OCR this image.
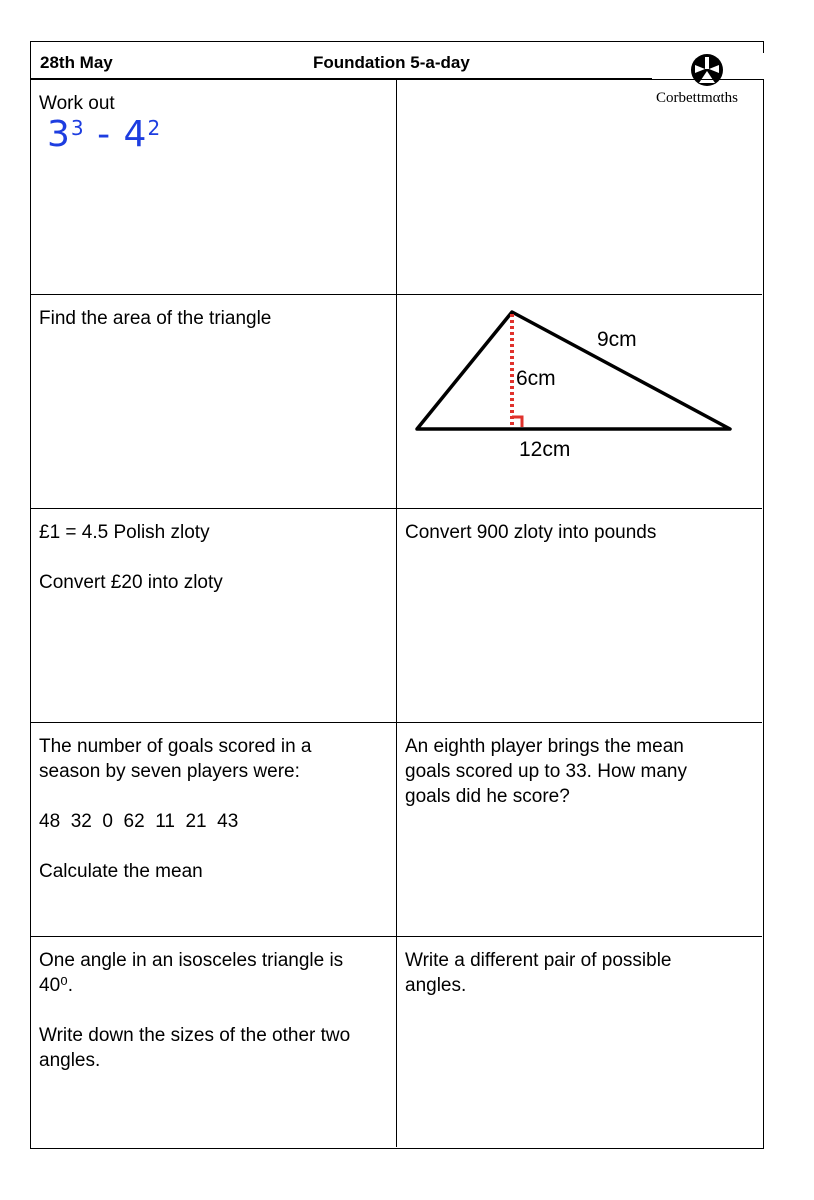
28th May	Foundation 5-a-day
Corbettmαths
Work out
$3^3 - 4^2$
Find the area of the triangle
6cm
9cm
12cm
£1 = 4.5 Polish zloty
Convert £20 into zloty
Convert 900 zloty into pounds
The number of goals scored in a
season by seven players were:
48  32  0  62  11  21  43
Calculate the mean
An eighth player brings the mean
goals scored up to 33. How many
goals did he score?
One angle in an isosceles triangle is
40⁰.
Write down the sizes of the other two
angles.
Write a different pair of possible
angles.
